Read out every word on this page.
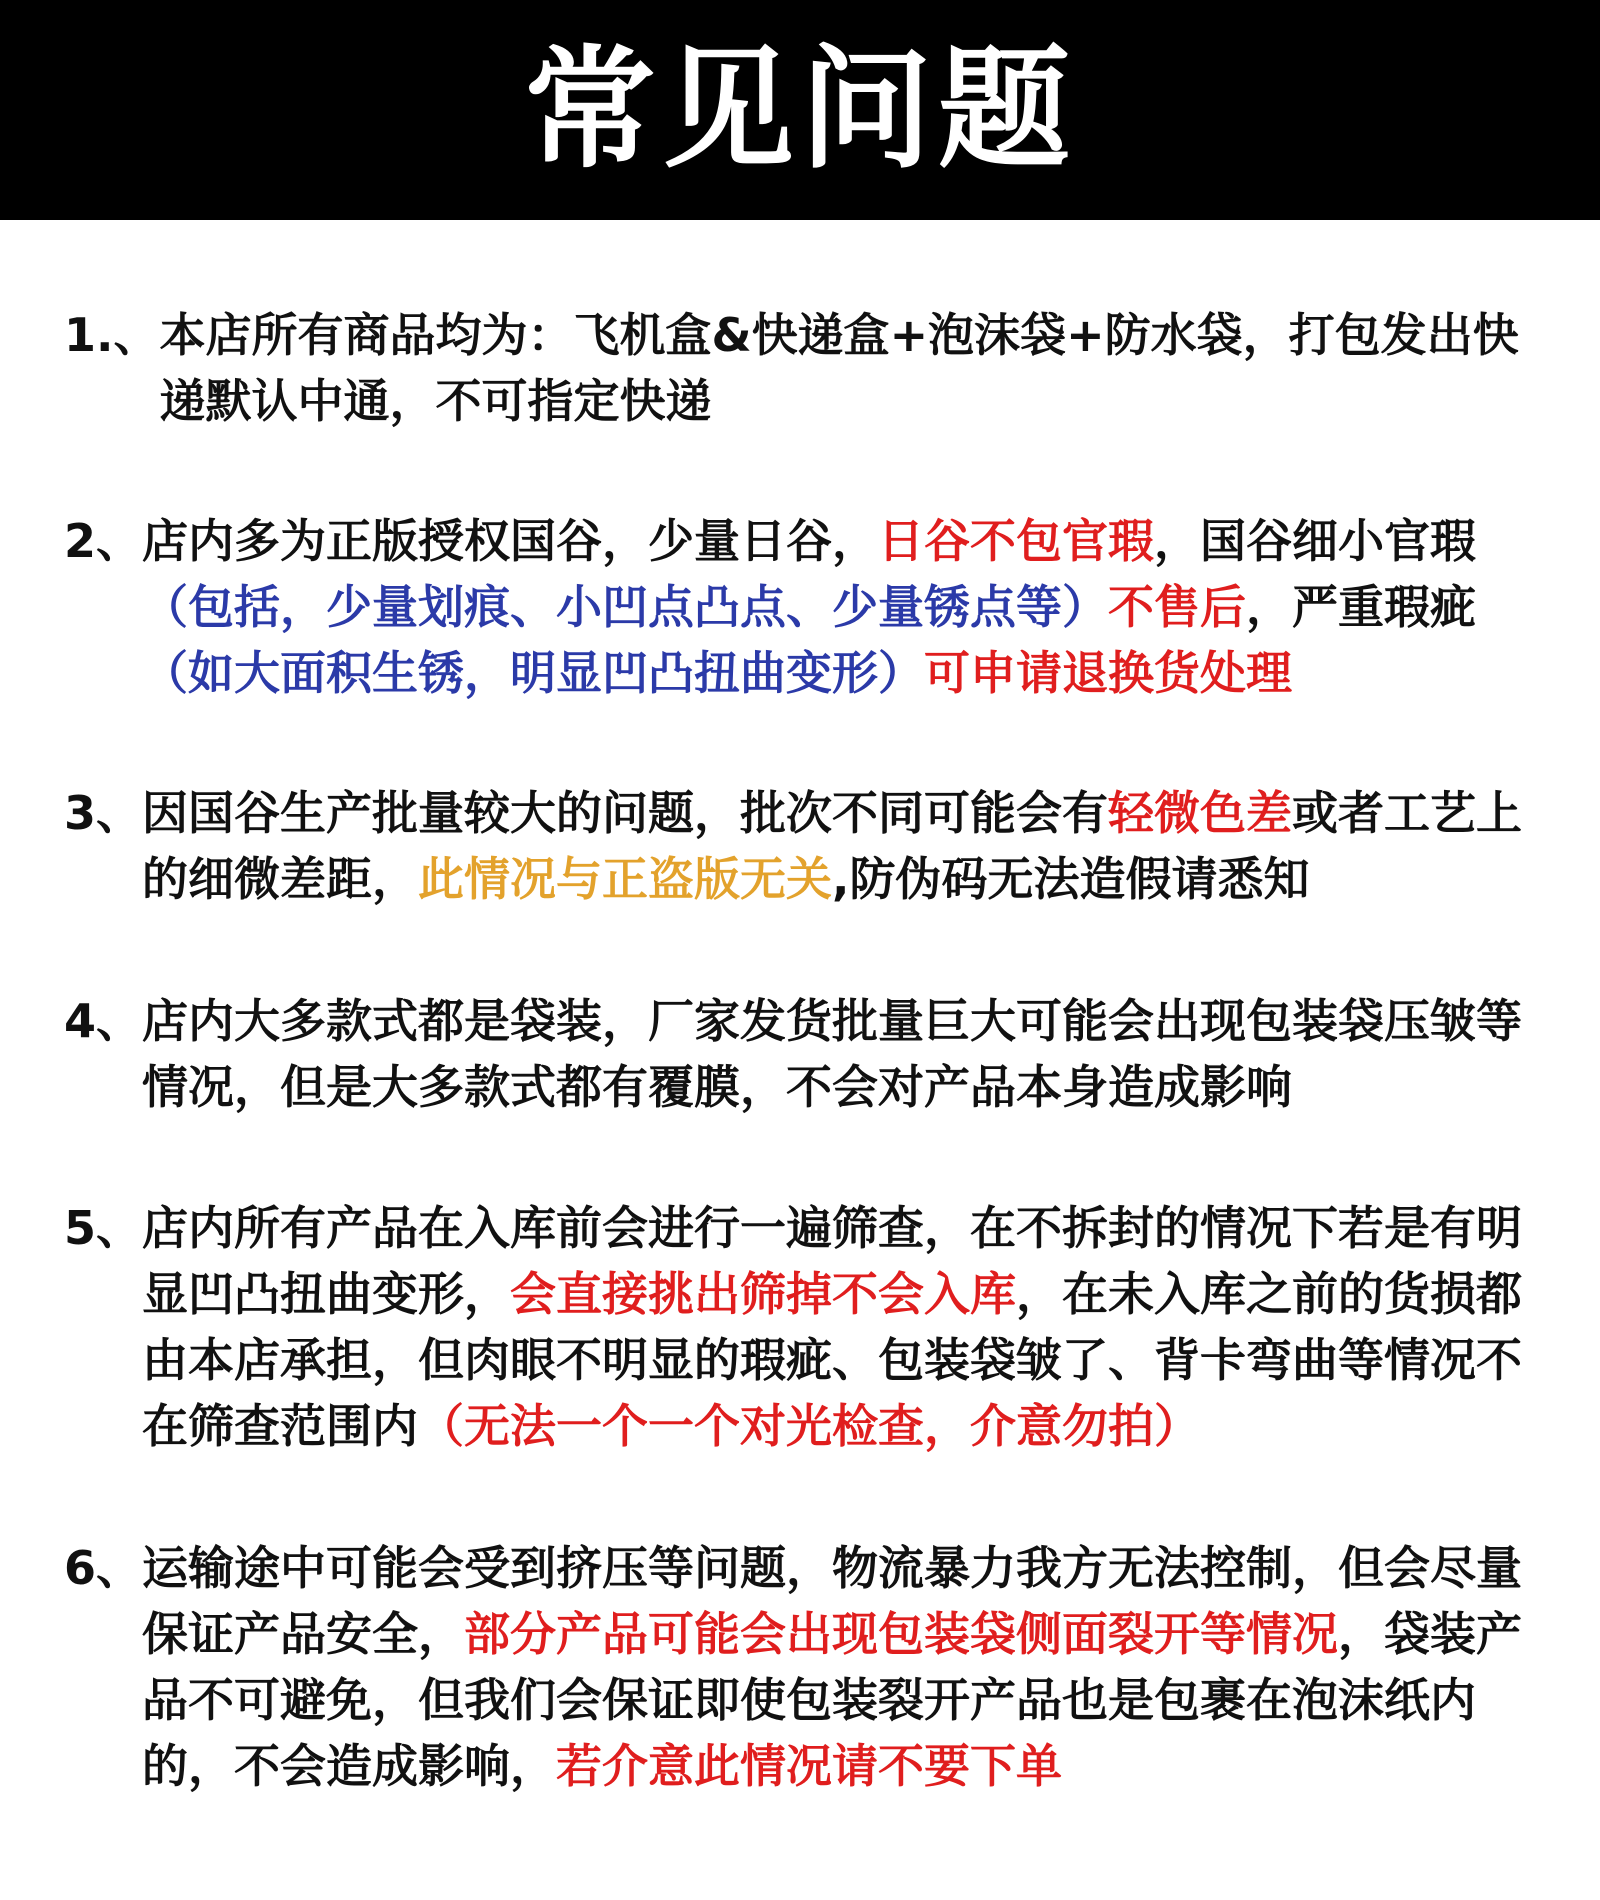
常见问题
1.、 本店所有商品均为：飞机盒&快递盒+泡沫袋+防水袋，打包发出快递默认中通，不可指定快递
2、 店内多为正版授权国谷，少量日谷，日谷不包官瑕，国谷细小官瑕（包括，少量划痕、小凹点凸点、少量锈点等）不售后，严重瑕疵（如大面积生锈，明显凹凸扭曲变形）可申请退换货处理
3、 因国谷生产批量较大的问题，批次不同可能会有轻微色差或者工艺上的细微差距，此情况与正盗版无关,防伪码无法造假请悉知
4、 店内大多款式都是袋装，厂家发货批量巨大可能会出现包装袋压皱等情况，但是大多款式都有覆膜，不会对产品本身造成影响
5、 店内所有产品在入库前会进行一遍筛查，在不拆封的情况下若是有明显凹凸扭曲变形，会直接挑出筛掉不会入库，在未入库之前的货损都由本店承担，但肉眼不明显的瑕疵、包装袋皱了、背卡弯曲等情况不在筛查范围内（无法一个一个对光检查，介意勿拍）
6、 运输途中可能会受到挤压等问题，物流暴力我方无法控制，但会尽量保证产品安全，部分产品可能会出现包装袋侧面裂开等情况，袋装产品不可避免，但我们会保证即使包装裂开产品也是包裹在泡沫纸内的，不会造成影响，若介意此情况请不要下单
